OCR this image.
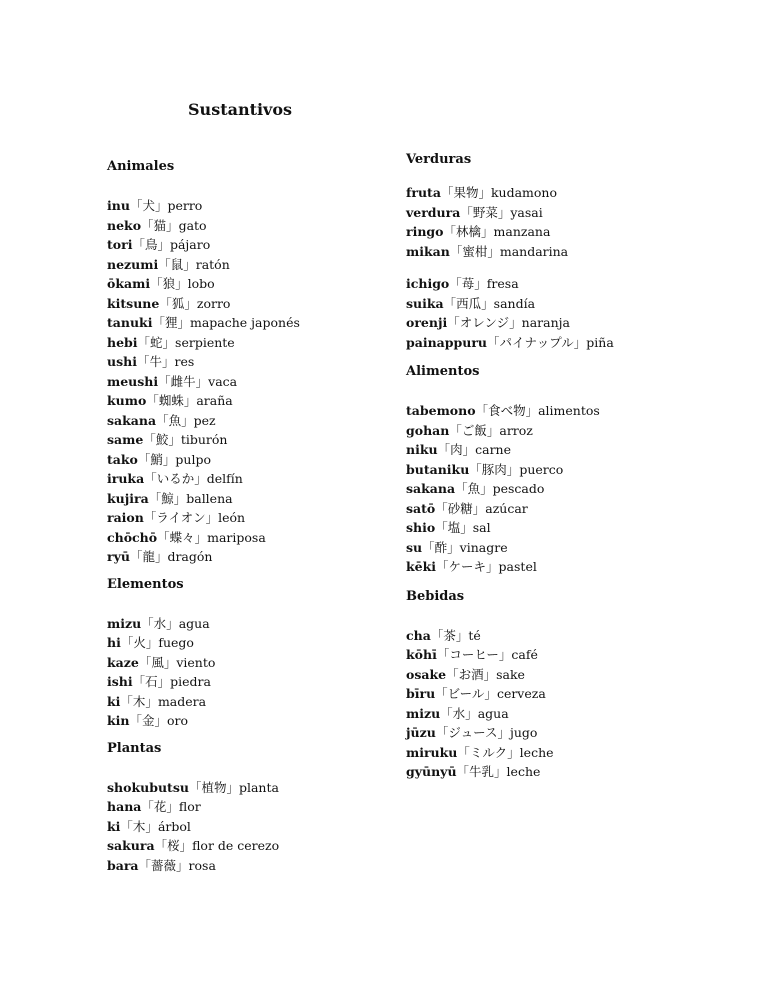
Sustantivos
Animales
inu「犬」perro
neko「猫」gato
tori「鳥」pájaro
nezumi「鼠」ratón
ōkami「狼」lobo
kitsune「狐」zorro
tanuki「狸」mapache japonés
hebi「蛇」serpiente
ushi「牛」res
meushi「雌牛」vaca
kumo「蜘蛛」araña
sakana「魚」pez
same「鮫」tiburón
tako「鮹」pulpo
iruka「いるか」delfín
kujira「鯨」ballena
raion「ライオン」león
chōchō「蝶々」mariposa
ryū「龍」dragón
Elementos
mizu「水」agua
hi「火」fuego
kaze「風」viento
ishi「石」piedra
ki「木」madera
kin「金」oro
Plantas
shokubutsu「植物」planta
hana「花」flor
ki「木」árbol
sakura「桜」flor de cerezo
bara「薔薇」rosa
Verduras
fruta「果物」kudamono
verdura「野菜」yasai
ringo「林檎」manzana
mikan「蜜柑」mandarina
ichigo「苺」fresa
suika「西瓜」sandía
orenji「オレンジ」naranja
painappuru「パイナップル」piña
Alimentos
tabemono「食べ物」alimentos
gohan「ご飯」arroz
niku「肉」carne
butaniku「豚肉」puerco
sakana「魚」pescado
satō「砂糖」azúcar
shio「塩」sal
su「酢」vinagre
kēki「ケーキ」pastel
Bebidas
cha「茶」té
kōhī「コーヒー」café
osake「お酒」sake
bīru「ビール」cerveza
mizu「水」agua
jūzu「ジュース」jugo
miruku「ミルク」leche
gyūnyū「牛乳」leche
